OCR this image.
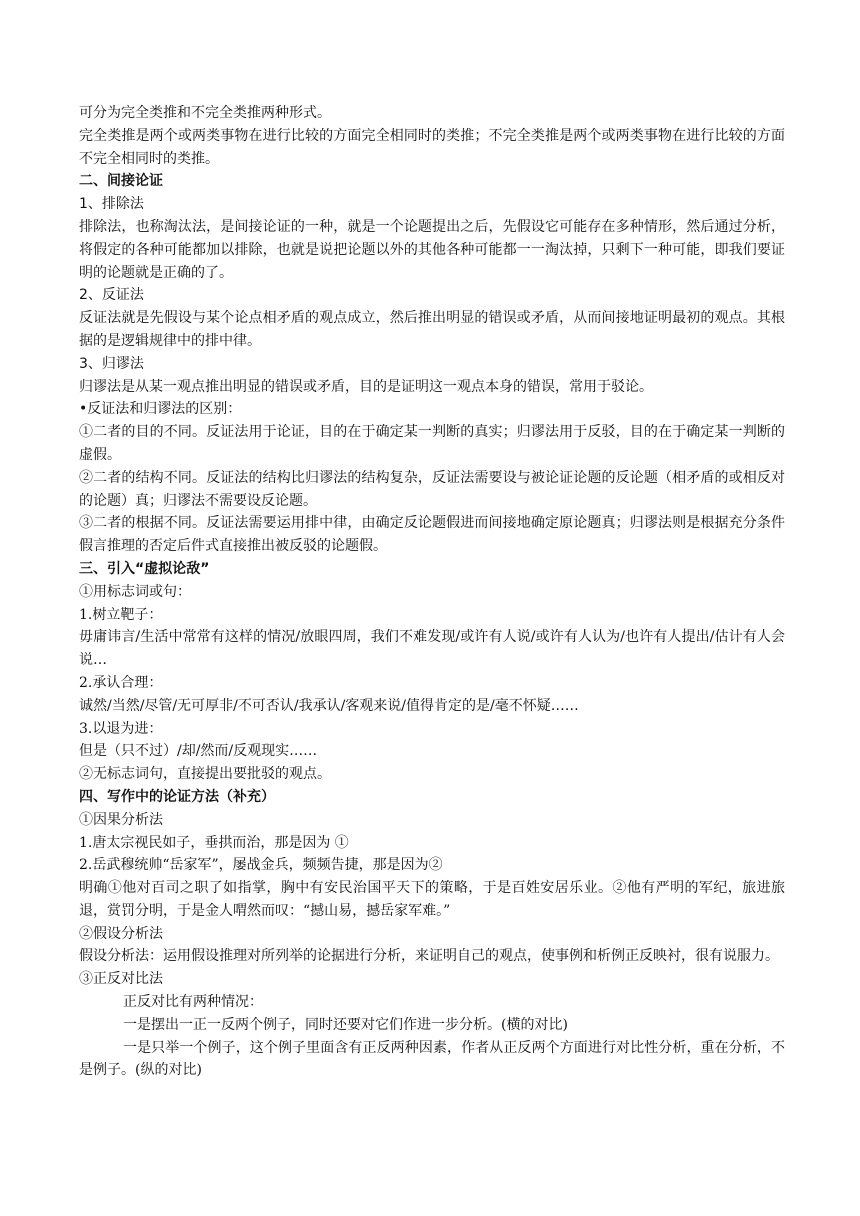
可分为完全类推和不完全类推两种形式。

完全类推是两个或两类事物在进行比较的方面完全相同时的类推；不完全类推是两个或两类事物在进行比较的方面不完全相同时的类推。

二、间接论证

1、排除法

排除法，也称淘汰法，是间接论证的一种，就是一个论题提出之后，先假设它可能存在多种情形，然后通过分析，将假定的各种可能都加以排除，也就是说把论题以外的其他各种可能都一一淘汰掉，只剩下一种可能，即我们要证明的论题就是正确的了。

2、反证法

反证法就是先假设与某个论点相矛盾的观点成立，然后推出明显的错误或矛盾，从而间接地证明最初的观点。其根据的是逻辑规律中的排中律。

3、归谬法

归谬法是从某一观点推出明显的错误或矛盾，目的是证明这一观点本身的错误，常用于驳论。

•反证法和归谬法的区别：

①二者的目的不同。反证法用于论证，目的在于确定某一判断的真实；归谬法用于反驳，目的在于确定某一判断的虚假。

②二者的结构不同。反证法的结构比归谬法的结构复杂，反证法需要设与被论证论题的反论题（相矛盾的或相反对的论题）真；归谬法不需要设反论题。

③二者的根据不同。反证法需要运用排中律，由确定反论题假进而间接地确定原论题真；归谬法则是根据充分条件假言推理的否定后件式直接推出被反驳的论题假。

三、引入“虚拟论敌”

①用标志词或句：

1.树立靶子：

毋庸讳言/生活中常常有这样的情况/放眼四周，我们不难发现/或许有人说/或许有人认为/也许有人提出/估计有人会说…

2.承认合理：

诚然/当然/尽管/无可厚非/不可否认/我承认/客观来说/值得肯定的是/毫不怀疑……

3.以退为进：

但是（只不过）/却/然而/反观现实……

②无标志词句，直接提出要批驳的观点。

四、写作中的论证方法（补充）

①因果分析法

1.唐太宗视民如子，垂拱而治，那是因为 ①

2.岳武穆统帅“岳家军”，屡战金兵，频频告捷，那是因为②

明确①他对百司之职了如指掌，胸中有安民治国平天下的策略，于是百姓安居乐业。②他有严明的军纪，旅进旅退，赏罚分明，于是金人喟然而叹：“撼山易，撼岳家军难。”

②假设分析法

假设分析法：运用假设推理对所列举的论据进行分析，来证明自己的观点，使事例和析例正反映衬，很有说服力。

③正反对比法

正反对比有两种情况：

一是摆出一正一反两个例子，同时还要对它们作进一步分析。(横的对比)

一是只举一个例子，这个例子里面含有正反两种因素，作者从正反两个方面进行对比性分析，重在分析，不是例子。(纵的对比)
